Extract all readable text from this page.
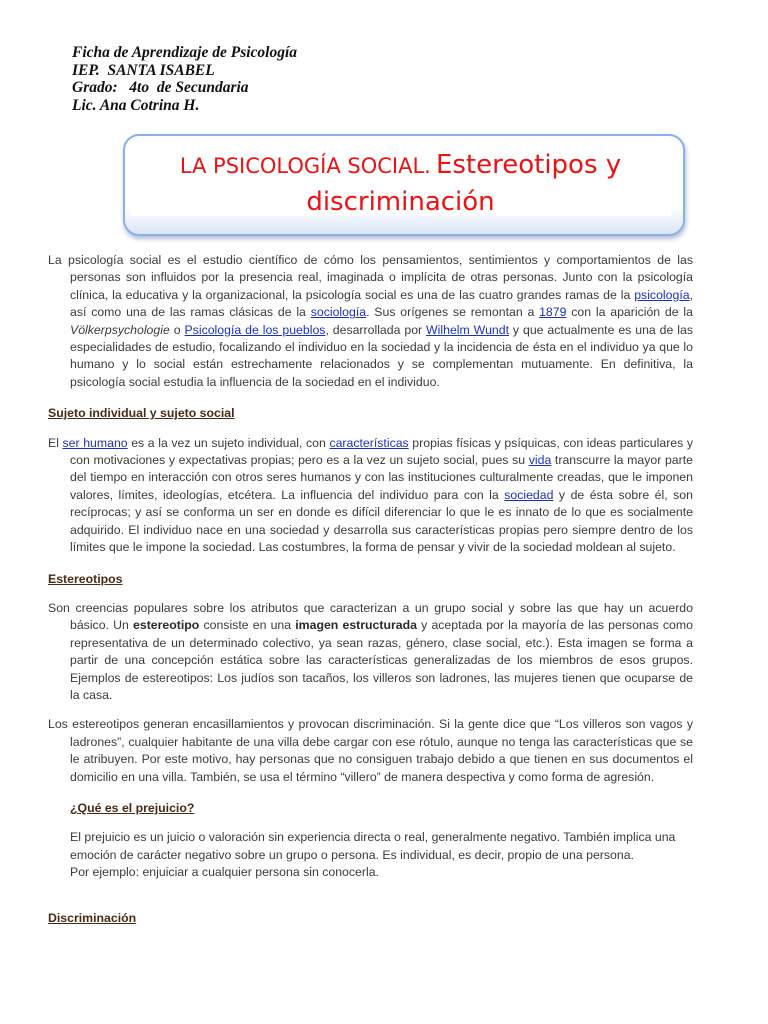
Ficha de Aprendizaje de Psicología
IEP.  SANTA ISABEL
Grado:   4to  de Secundaria
Lic. Ana Cotrina H.
LA PSICOLOGÍA SOCIAL. Estereotipos y
discriminación

La psicología social es el estudio científico de cómo los pensamientos, sentimientos y comportamientos de las personas son influidos por la presencia real, imaginada o implícita de otras personas. Junto con la psicología clínica, la educativa y la organizacional, la psicología social es una de las cuatro grandes ramas de la psicología, así como una de las ramas clásicas de la sociología. Sus orígenes se remontan a 1879 con la aparición de la Völkerpsychologie o Psicología de los pueblos, desarrollada por Wilhelm Wundt y que actualmente es una de las especialidades de estudio, focalizando el individuo en la sociedad y la incidencia de ésta en el individuo ya que lo humano y lo social están estrechamente relacionados y se complementan mutuamente. En definitiva, la psicología social estudia la influencia de la sociedad en el individuo.

Sujeto individual y sujeto social

El ser humano es a la vez un sujeto individual, con características propias físicas y psíquicas, con ideas particulares y con motivaciones y expectativas propias; pero es a la vez un sujeto social, pues su vida transcurre la mayor parte del tiempo en interacción con otros seres humanos y con las instituciones culturalmente creadas, que le imponen valores, límites, ideologías, etcétera. La influencia del individuo para con la sociedad y de ésta sobre él, son recíprocas; y así se conforma un ser en donde es difícil diferenciar lo que le es innato de lo que es socialmente adquirido. El individuo nace en una sociedad y desarrolla sus características propias pero siempre dentro de los límites que le impone la sociedad. Las costumbres, la forma de pensar y vivir de la sociedad moldean al sujeto.

Estereotipos

Son creencias populares sobre los atributos que caracterizan a un grupo social y sobre las que hay un acuerdo básico. Un estereotipo consiste en una imagen estructurada y aceptada por la mayoría de las personas como representativa de un determinado colectivo, ya sean razas, género, clase social, etc.). Esta imagen se forma a partir de una concepción estática sobre las características generalizadas de los miembros de esos grupos. Ejemplos de estereotipos: Los judíos son tacaños, los villeros son ladrones, las mujeres tienen que ocuparse de la casa.

Los estereotipos generan encasillamientos y provocan discriminación. Si la gente dice que “Los villeros son vagos y ladrones”, cualquier habitante de una villa debe cargar con ese rótulo, aunque no tenga las características que se le atribuyen. Por este motivo, hay personas que no consiguen trabajo debido a que tienen en sus documentos el domicilio en una villa. También, se usa el término “villero” de manera despectiva y como forma de agresión.

¿Qué es el prejuicio?

El prejuicio es un juicio o valoración sin experiencia directa o real, generalmente negativo. También implica una emoción de carácter negativo sobre un grupo o persona. Es individual, es decir, propio de una persona.

Por ejemplo: enjuiciar a cualquier persona sin conocerla.

Discriminación
